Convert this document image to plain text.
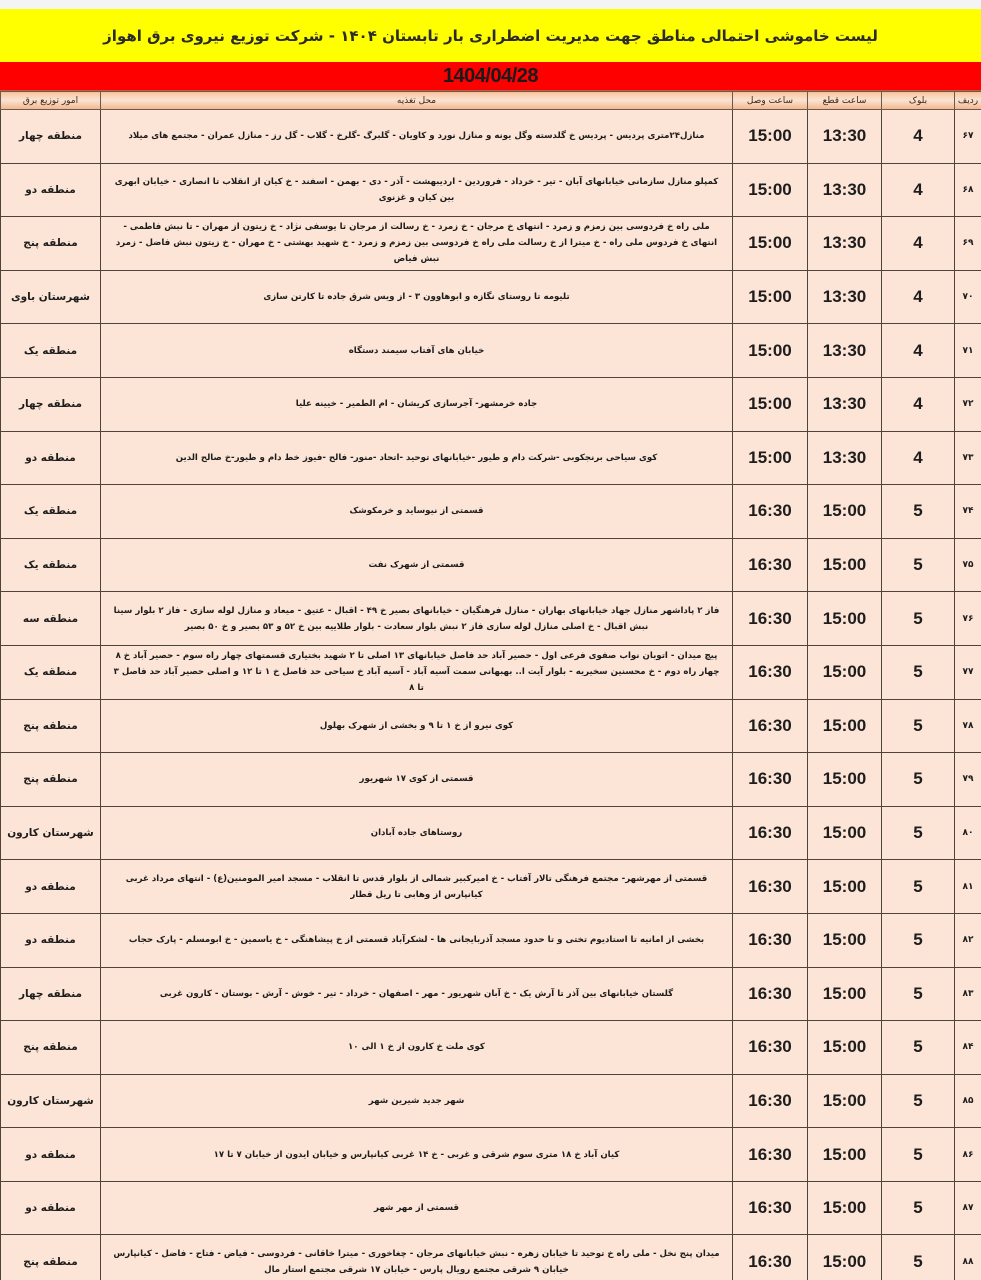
لیست خاموشی احتمالی مناطق جهت مدیریت اضطراری بار تابستان ۱۴۰۴ - شرکت توزیع نیروی برق اهواز
1404/04/28
ردیف	بلوک	ساعت قطع	ساعت وصل	محل تغذیه	امور توزیع برق
۶۷	4	13:30	15:00	منازل۲۴متری پردیس - پردیس خ گلدسته وگل یونه و منازل نورد و کاویان - گلبرگ -گلرخ - گلاب - گل رز - منازل عمران - مجتمع های میلاد	منطقه چهار
۶۸	4	13:30	15:00	کمپلو منازل سازمانی خیابانهای آبان - تیر - خرداد - فروردین - اردیبهشت - آذر - دی - بهمن - اسفند - خ کیان از انقلاب تا انصاری - خیابان ابهری بین کیان و غزنوی	منطقه دو
۶۹	4	13:30	15:00	ملی راه خ فردوسی بین زمزم و زمرد - انتهای خ مرجان - خ زمرد - خ رسالت از مرجان تا یوسفی نژاد - خ زیتون از مهران - تا نبش فاطمی - انتهای خ فردوس ملی راه - خ میترا از خ رسالت ملی راه خ فردوسی بین زمزم و زمرد - خ شهید بهشتی - خ مهران - خ زیتون نبش فاضل - زمرد نبش فیاض	منطقه پنج
۷۰	4	13:30	15:00	تلیومه تا روستای نگازه و ابوهاوون ۳ - از ویس شرق جاده تا کارتن سازی	شهرستان باوی
۷۱	4	13:30	15:00	خیابان های آفتاب سیمند دستگاه	منطقه یک
۷۲	4	13:30	15:00	جاده خرمشهر- آجرسازی کریشان - ام الطمیر - خیینه علیا	منطقه چهار
۷۳	4	13:30	15:00	کوی سیاحی برنجکوبی -شرکت دام و طیور -خیابانهای توحید -اتحاد -منور- فالح -فیوز خط دام و طیور-خ صالح الدین	منطقه دو
۷۴	5	15:00	16:30	قسمتی از نیوساید و خرمکوشک	منطقه یک
۷۵	5	15:00	16:30	قسمتی از شهرک نفت	منطقه یک
۷۶	5	15:00	16:30	فاز ۲ پاداشهر منازل جهاد خیابانهای بهاران - منازل فرهنگیان - خیابانهای بصیر خ ۴۹ - اقبال - عتیق - میعاد و منازل لوله سازی - فاز ۲ بلوار سینا نبش اقبال - خ اصلی منازل لوله سازی فاز ۲ نبش بلوار سعادت - بلوار طلاییه بین خ ۵۲ و ۵۳ بصیر و خ ۵۰ بصیر	منطقه سه
۷۷	5	15:00	16:30	پیچ میدان - اتوبان نواب صفوی فرعی اول - حصیر آباد حد فاصل خیابانهای ۱۳ اصلی تا ۲ شهید بختیاری قسمتهای چهار راه سوم - حصیر آباد خ ۸ چهار راه دوم - خ محسنین سخیریه - بلوار آیت ا.. بهبهانی سمت آسیه آباد - آسیه آباد خ سیاحی حد فاصل خ ۱ تا ۱۲ و اصلی حصیر آباد حد فاصل ۳ تا ۸	منطقه یک
۷۸	5	15:00	16:30	کوی نیرو از خ ۱ تا ۹ و بخشی از شهرک بهلول	منطقه پنج
۷۹	5	15:00	16:30	قسمتی از کوی ۱۷ شهریور	منطقه پنج
۸۰	5	15:00	16:30	روستاهای جاده آبادان	شهرستان کارون
۸۱	5	15:00	16:30	قسمتی از مهرشهر- مجتمع فرهنگی تالار آفتاب - خ امیرکبیر شمالی از بلوار قدس تا انقلاب - مسجد امیر المومنین(ع) - انتهای مرداد غربی کیانپارس از وهابی تا ریل قطار	منطقه دو
۸۲	5	15:00	16:30	بخشی از امانیه تا استادیوم تختی و تا حدود مسجد آذربایجانی ها - لشکرآباد قسمتی از خ پیشاهنگی - خ یاسمین - خ ابومسلم - پارک حجاب	منطقه دو
۸۳	5	15:00	16:30	گلستان خیابانهای بین آذر تا آرش یک - خ آبان شهریور - مهر - اصفهان - خرداد - تیر - خوش - آرش - بوستان - کارون غربی	منطقه چهار
۸۴	5	15:00	16:30	کوی ملت خ کارون از خ ۱ الی ۱۰	منطقه پنج
۸۵	5	15:00	16:30	شهر جدید شیرین شهر	شهرستان کارون
۸۶	5	15:00	16:30	کیان آباد خ ۱۸ متری سوم شرقی و غربی - خ ۱۴ غربی کیانپارس و خیابان ایدون از خیابان ۷ تا ۱۷	منطقه دو
۸۷	5	15:00	16:30	قسمتی از مهر شهر	منطقه دو
۸۸	5	15:00	16:30	میدان پنج نخل - ملی راه خ توحید تا خیابان زهره - نبش خیابانهای مرجان - چغاخوری - میترا خاقانی - فردوسی - فیاض - فتاح - فاضل - کیانپارس خیابان ۹ شرقی مجتمع رویال پارس - خیابان ۱۷ شرقی مجتمع استار مال	منطقه پنج
